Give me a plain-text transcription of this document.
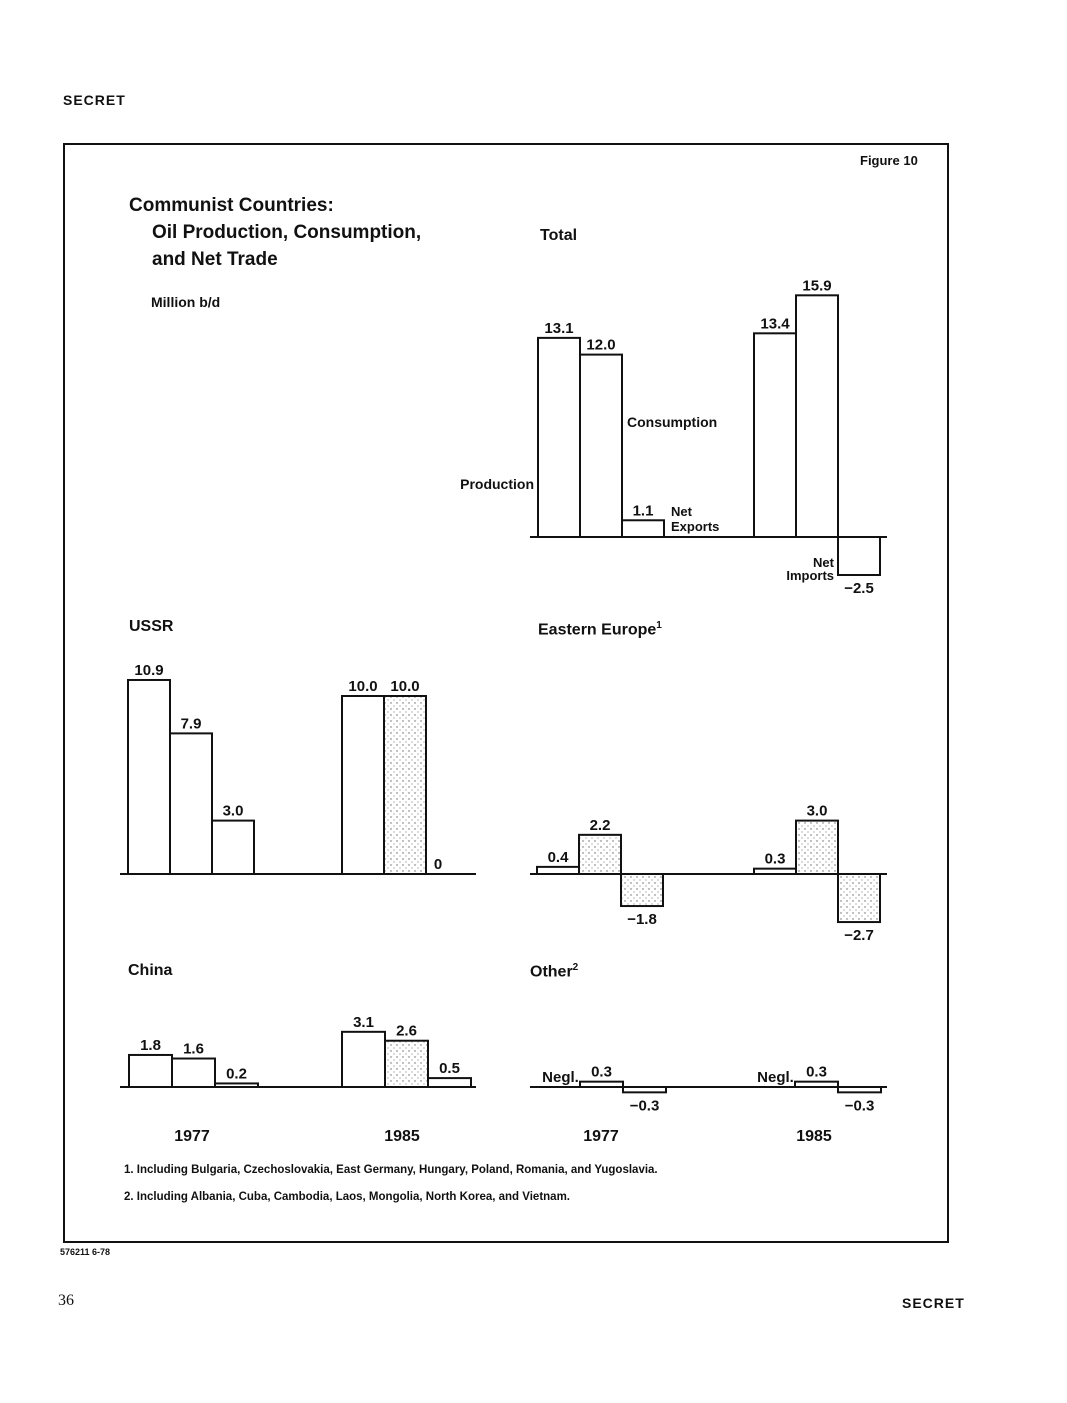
SECRET
Figure 10
Communist Countries:
Oil Production, Consumption,
and Net Trade
Million b/d
Total
USSR	Eastern Europe$^1$
China	Other$^2$
13.1
12.0
1.1
13.4
15.9
−2.5
10.9
7.9
3.0
10.0 10.0
0	0.4
2.2
−1.8
0.3
3.0
−2.7
1.8 1.6
0.2
3.1
2.6
0.5
Negl. 0.3
−0.3
Negl. 0.3
−0.3
Production
Consumption
Net
Exports
Net
Imports
1977	1985	1977	1985
1. Including Bulgaria, Czechoslovakia, East Germany, Hungary, Poland, Romania, and Yugoslavia.
2. Including Albania, Cuba, Cambodia, Laos, Mongolia, North Korea, and Vietnam.
576211 6-78
36	SECRET
